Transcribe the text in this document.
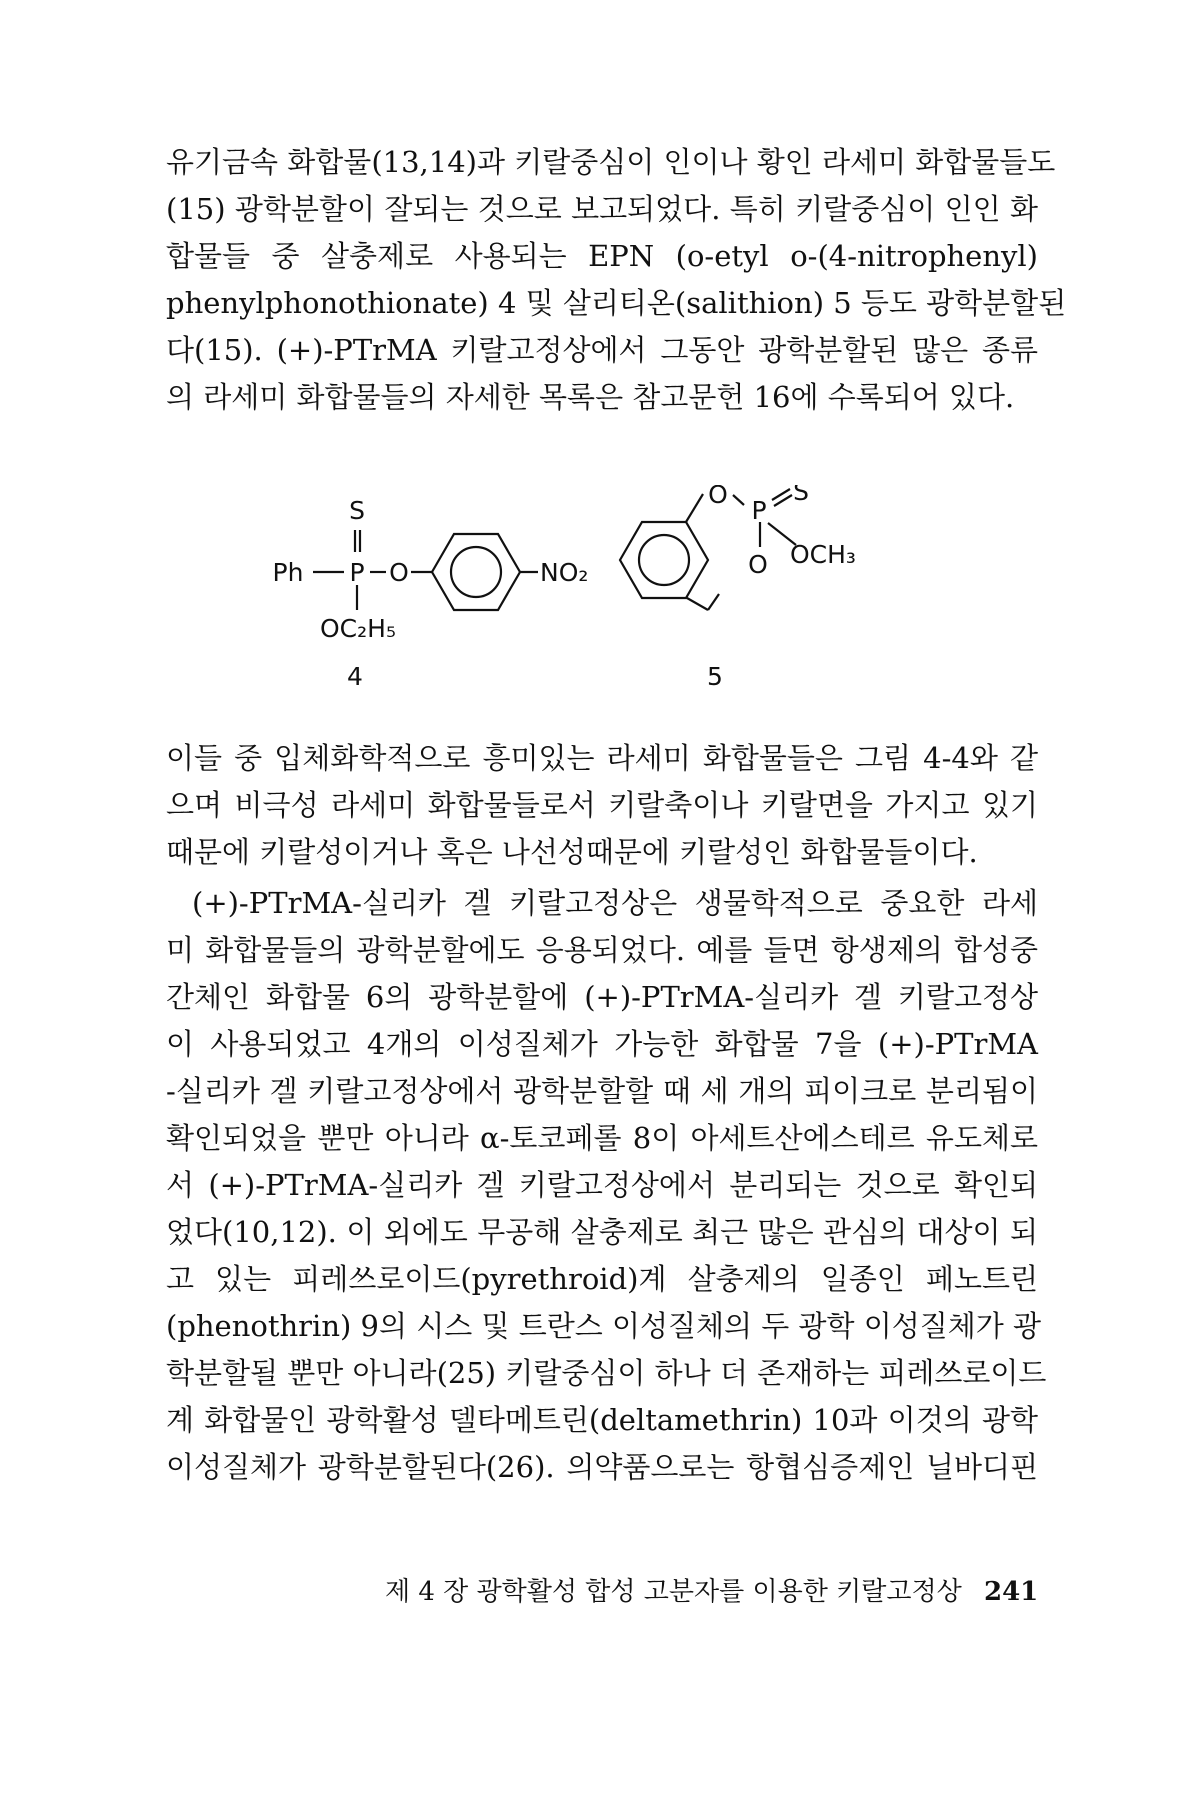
유기금속 화합물(13,14)과 키랄중심이 인이나 황인 라세미 화합물들도
(15) 광학분할이 잘되는 것으로 보고되었다. 특히 키랄중심이 인인 화
합물들 중 살충제로 사용되는 EPN (o-etyl o-(4-nitrophenyl)
phenylphonothionate) 4 및 살리티온(salithion) 5 등도 광학분할된
다(15). (+)-PTrMA 키랄고정상에서 그동안 광학분할된 많은 종류
의 라세미 화합물들의 자세한 목록은 참고문헌 16에 수록되어 있다.
S
Ph P O	NO₂
OC₂H₅
4
O
P
S
O OCH₃
5
이들 중 입체화학적으로 흥미있는 라세미 화합물들은 그림 4-4와 같
으며 비극성 라세미 화합물들로서 키랄축이나 키랄면을 가지고 있기
때문에 키랄성이거나 혹은 나선성때문에 키랄성인 화합물들이다.
(+)-PTrMA-실리카 겔 키랄고정상은 생물학적으로 중요한 라세
미 화합물들의 광학분할에도 응용되었다. 예를 들면 항생제의 합성중
간체인 화합물 6의 광학분할에 (+)-PTrMA-실리카 겔 키랄고정상
이 사용되었고 4개의 이성질체가 가능한 화합물 7을 (+)-PTrMA
-실리카 겔 키랄고정상에서 광학분할할 때 세 개의 피이크로 분리됨이
확인되었을 뿐만 아니라 α-토코페롤 8이 아세트산에스테르 유도체로
서 (+)-PTrMA-실리카 겔 키랄고정상에서 분리되는 것으로 확인되
었다(10,12). 이 외에도 무공해 살충제로 최근 많은 관심의 대상이 되
고 있는 피레쓰로이드(pyrethroid)계 살충제의 일종인 페노트린
(phenothrin) 9의 시스 및 트란스 이성질체의 두 광학 이성질체가 광
학분할될 뿐만 아니라(25) 키랄중심이 하나 더 존재하는 피레쓰로이드
계 화합물인 광학활성 델타메트린(deltamethrin) 10과 이것의 광학
이성질체가 광학분할된다(26). 의약품으로는 항협심증제인 닐바디핀
제 4 장 광학활성 합성 고분자를 이용한 키랄고정상 241
